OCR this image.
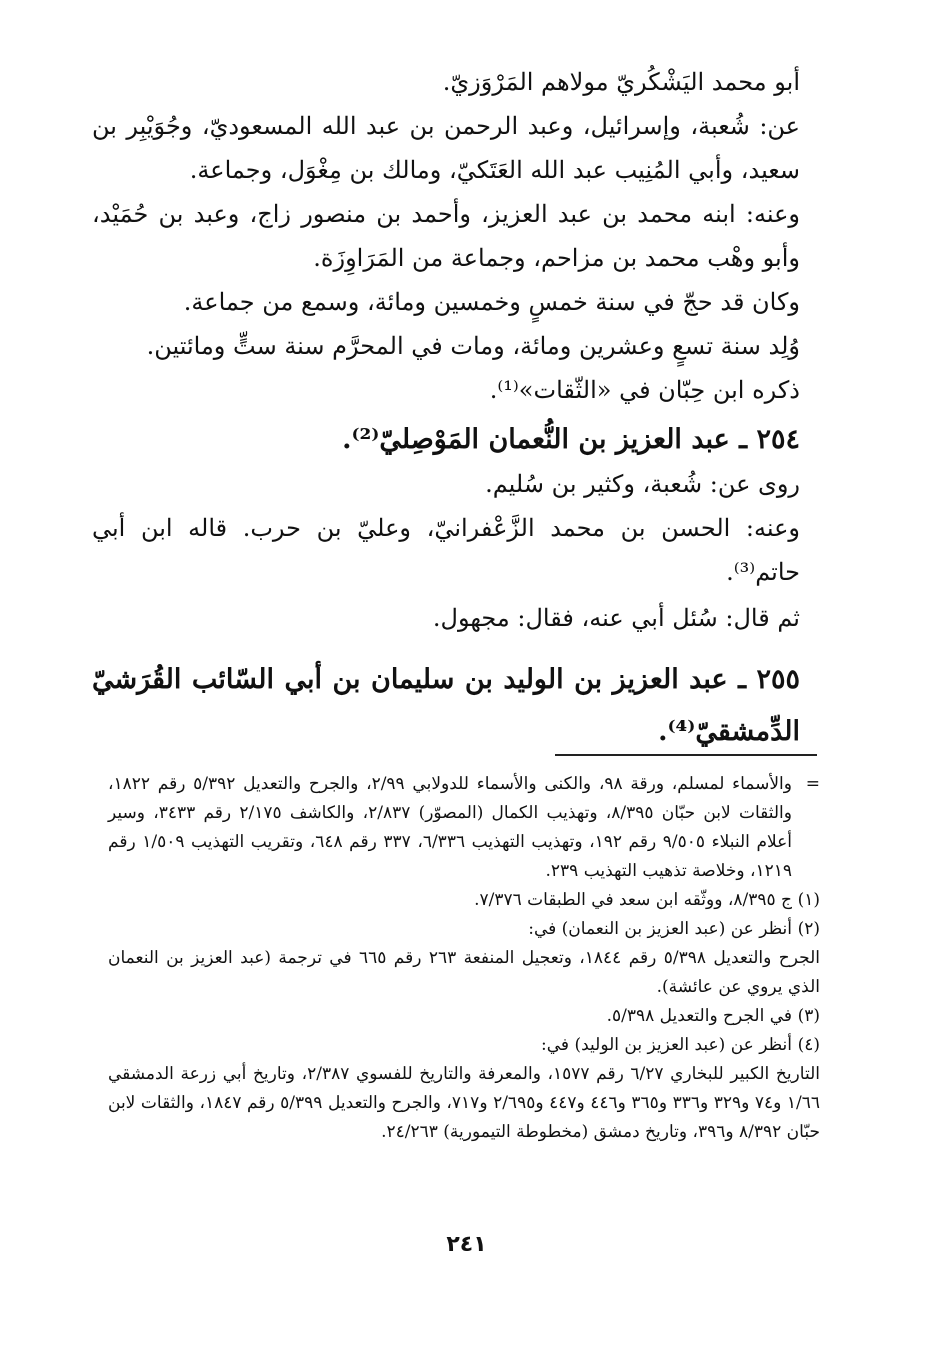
أبو محمد اليَشْكُريّ مولاهم المَرْوَزيّ.

عن: شُعبة، وإسرائيل، وعبد الرحمن بن عبد الله المسعوديّ، وجُوَيْبِر بن سعيد، وأبي المُنِيب عبد الله العَتَكيّ، ومالك بن مِغْوَل، وجماعة.

وعنه: ابنه محمد بن عبد العزيز، وأحمد بن منصور زاج، وعبد بن حُمَيْد، وأبو وهْب محمد بن مزاحم، وجماعة من المَرَاوِزَة.

وكان قد حجّ في سنة خمسٍ وخمسين ومائة، وسمع من جماعة.

وُلِد سنة تسعٍ وعشرين ومائة، ومات في المحرَّم سنة ستٍّ ومائتين.

ذكره ابن حِبّان في «الثّقات»⁽¹⁾.

٢٥٤ ـ عبد العزيز بن النُّعمان المَوْصِليّ⁽²⁾.

روى عن: شُعبة، وكثير بن سُليم.

وعنه: الحسن بن محمد الزَّعْفرانيّ، وعليّ بن حرب. قاله ابن أبي حاتم⁽³⁾.

ثم قال: سُئل أبي عنه، فقال: مجهول.

٢٥٥ ـ عبد العزيز بن الوليد بن سليمان بن أبي السّائب القُرَشيّ الدِّمشقيّ⁽⁴⁾.

=
والأسماء لمسلم، ورقة ٩٨، والكنى والأسماء للدولابي ٢/٩٩، والجرح والتعديل ٥/٣٩٢ رقم ١٨٢٢، والثقات لابن حبّان ٨/٣٩٥، وتهذيب الكمال (المصوّر) ٢/٨٣٧، والكاشف ٢/١٧٥ رقم ٣٤٣٣، وسير أعلام النبلاء ٩/٥٠٥ رقم ١٩٢، وتهذيب التهذيب ٦/٣٣٦، ٣٣٧ رقم ٦٤٨، وتقريب التهذيب ١/٥٠٩ رقم ١٢١٩، وخلاصة تذهيب التهذيب ٢٣٩.
(١)
ج ٨/٣٩٥، ووثّقه ابن سعد في الطبقات ٧/٣٧٦.
(٢)
أنظر عن (عبد العزيز بن النعمان) في:

الجرح والتعديل ٥/٣٩٨ رقم ١٨٤٤، وتعجيل المنفعة ٢٦٣ رقم ٦٦٥ في ترجمة (عبد العزيز بن النعمان الذي يروي عن عائشة).

(٣)
في الجرح والتعديل ٥/٣٩٨.
(٤)
أنظر عن (عبد العزيز بن الوليد) في:

التاريخ الكبير للبخاري ٦/٢٧ رقم ١٥٧٧، والمعرفة والتاريخ للفسوي ٢/٣٨٧، وتاريخ أبي زرعة الدمشقي ١/٦٦ و٧٤ و٣٢٩ و٣٣٦ و٣٦٥ و٤٤٦ و٤٤٧ و٢/٦٩٥ و٧١٧، والجرح والتعديل ٥/٣٩٩ رقم ١٨٤٧، والثقات لابن حبّان ٨/٣٩٢ و٣٩٦، وتاريخ دمشق (مخطوطة التيمورية) ٢٤/٢٦٣.

٢٤١
